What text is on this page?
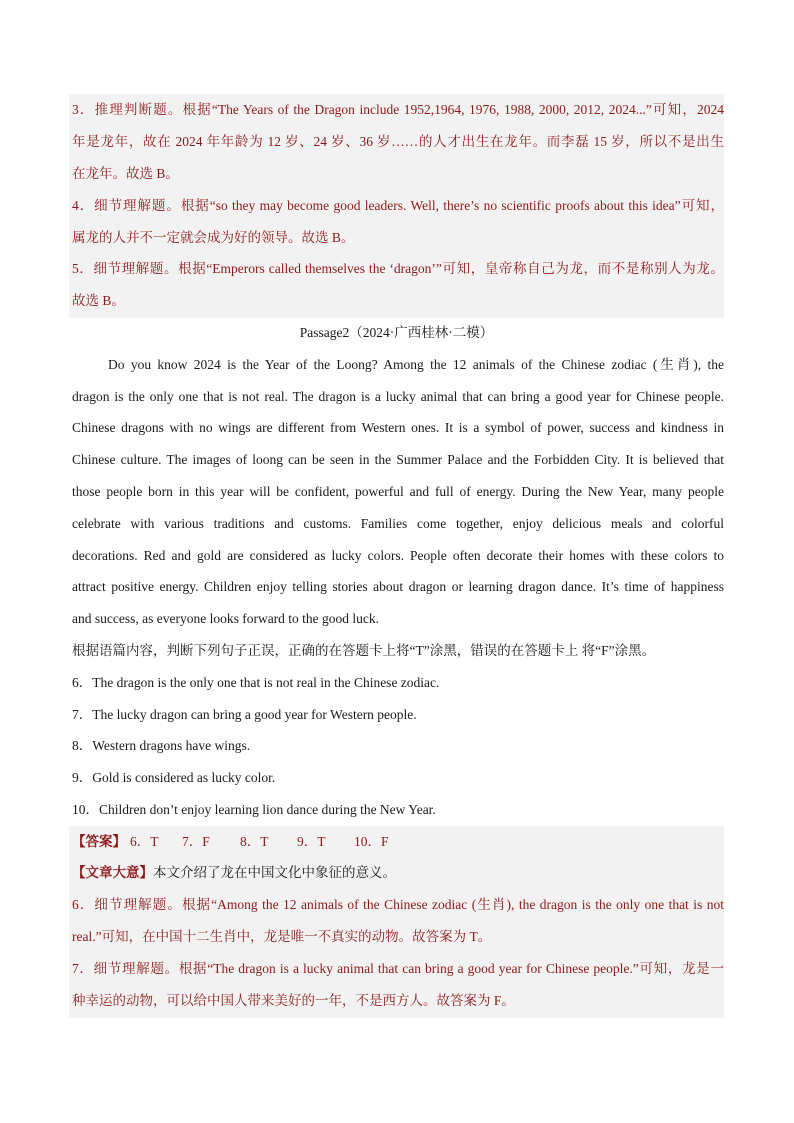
3．推理判断题。根据“The Years of the Dragon include 1952,1964, 1976, 1988, 2000, 2012, 2024...”可知，2024
年是龙年，故在 2024 年年龄为 12 岁、24 岁、36 岁……的人才出生在龙年。而李磊 15 岁，所以不是出生
在龙年。故选 B。
4．细节理解题。根据“so they may become good leaders. Well, there’s no scientific proofs about this idea”可知，
属龙的人并不一定就会成为好的领导。故选 B。
5．细节理解题。根据“Emperors called themselves the ‘dragon’”可知，皇帝称自己为龙，而不是称别人为龙。
故选 B。
Passage2（2024·广西桂林·二模）
Do you know 2024 is the Year of the Loong? Among the 12 animals of the Chinese zodiac (生肖), the
dragon is the only one that is not real. The dragon is a lucky animal that can bring a good year for Chinese people.
Chinese dragons with no wings are different from Western ones. It is a symbol of power, success and kindness in
Chinese culture. The images of loong can be seen in the Summer Palace and the Forbidden City. It is believed that
those people born in this year will be confident, powerful and full of energy. During the New Year, many people
celebrate with various traditions and customs. Families come together, enjoy delicious meals and colorful
decorations. Red and gold are considered as lucky colors. People often decorate their homes with these colors to
attract positive energy. Children enjoy telling stories about dragon or learning dragon dance. It’s time of happiness
and success, as everyone looks forward to the good luck.
根据语篇内容，判断下列句子正误，正确的在答题卡上将“T”涂黑，错误的在答题卡上 将“F”涂黑。
6．The dragon is the only one that is not real in the Chinese zodiac.
7．The lucky dragon can bring a good year for Western people.
8．Western dragons have wings.
9．Gold is considered as lucky color.
10．Children don’t enjoy learning lion dance during the New Year.
【答案】 6．T 7．F 8．T 9．T 10．F
【文章大意】本文介绍了龙在中国文化中象征的意义。
6．细节理解题。根据“Among the 12 animals of the Chinese zodiac (生肖), the dragon is the only one that is not
real.”可知，在中国十二生肖中，龙是唯一不真实的动物。故答案为 T。
7．细节理解题。根据“The dragon is a lucky animal that can bring a good year for Chinese people.”可知，龙是一
种幸运的动物，可以给中国人带来美好的一年，不是西方人。故答案为 F。
